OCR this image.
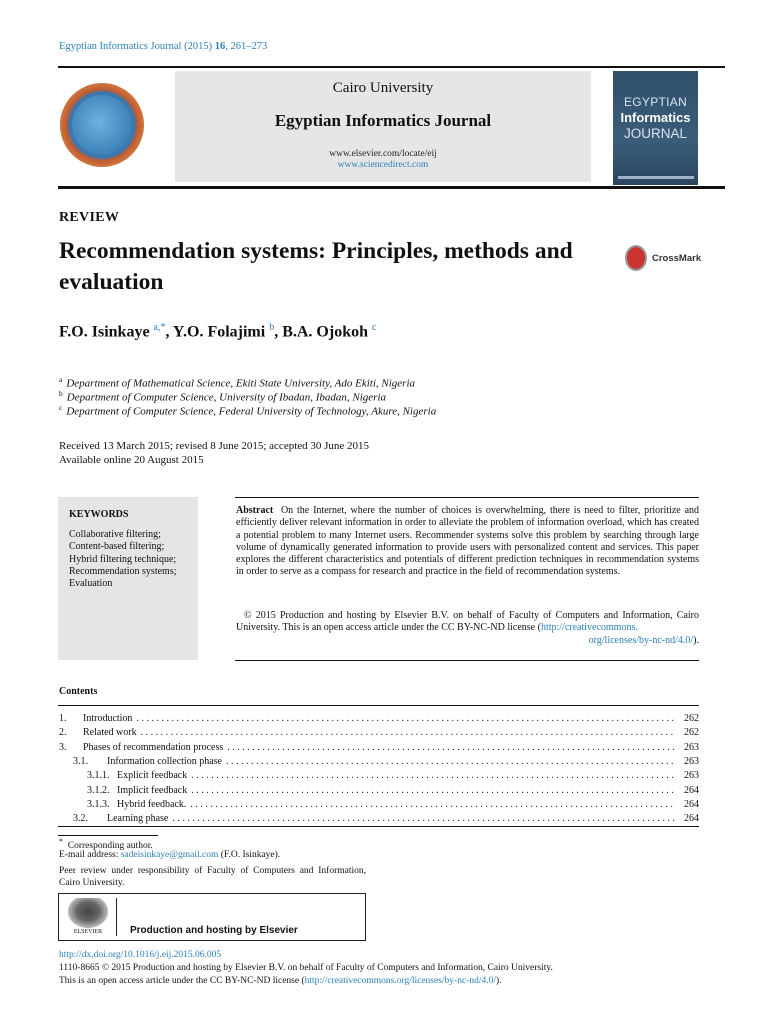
Egyptian Informatics Journal (2015) 16, 261–273
Cairo University
Egyptian Informatics Journal
www.elsevier.com/locate/eij
www.sciencedirect.com
EGYPTIAN
Informatics
JOURNAL
REVIEW
Recommendation systems: Principles, methods and evaluation
CrossMark
F.O. Isinkaye $^{a,*}$, Y.O. Folajimi $^b$, B.A. Ojokoh $^c$
$^a$ Department of Mathematical Science, Ekiti State University, Ado Ekiti, Nigeria
$^b$ Department of Computer Science, University of Ibadan, Ibadan, Nigeria
$^c$ Department of Computer Science, Federal University of Technology, Akure, Nigeria
Received 13 March 2015; revised 8 June 2015; accepted 30 June 2015
Available online 20 August 2015
KEYWORDS
Collaborative filtering;
Content-based filtering;
Hybrid filtering technique;
Recommendation systems;
Evaluation
Abstract On the Internet, where the number of choices is overwhelming, there is need to filter, prioritize and efficiently deliver relevant information in order to alleviate the problem of information overload, which has created a potential problem to many Internet users. Recommender systems solve this problem by searching through large volume of dynamically generated information to provide users with personalized content and services. This paper explores the different characteristics and potentials of different prediction techniques in recommendation systems in order to serve as a compass for research and practice in the field of recommendation systems.
© 2015 Production and hosting by Elsevier B.V. on behalf of Faculty of Computers and Information, Cairo University. This is an open access article under the CC BY-NC-ND license (http://creativecommons.
org/licenses/by-nc-nd/4.0/).
Contents
1.	Introduction . . .	262
2.	Related work . . .	262
3.	Phases of recommendation process . . .	263
3.1.	Information collection phase . . .	263
3.1.1. Explicit feedback . . .	263
3.1.2. Implicit feedback . . .	264
3.1.3. Hybrid feedback. . . .	264
3.2.	Learning phase . . .	264
* Corresponding author.
E-mail address: sadeisinkaye@gmail.com (F.O. Isinkaye).
Peer review under responsibility of Faculty of Computers and Information, Cairo University.
ELSEVIER	Production and hosting by Elsevier
http://dx.doi.org/10.1016/j.eij.2015.06.005
1110-8665 © 2015 Production and hosting by Elsevier B.V. on behalf of Faculty of Computers and Information, Cairo University.
This is an open access article under the CC BY-NC-ND license (http://creativecommons.org/licenses/by-nc-nd/4.0/).
